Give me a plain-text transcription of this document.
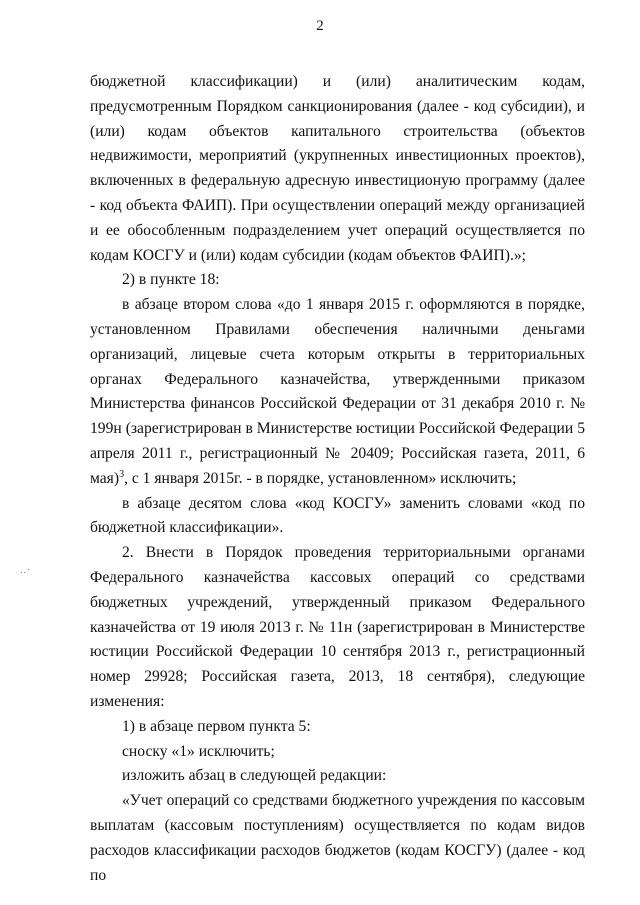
2
..·

бюджетной классификации) и (или) аналитическим кодам, предусмотренным Порядком санкционирования (далее - код субсидии), и (или) кодам объектов капитального строительства (объектов недвижимости, мероприятий (укрупненных инвестиционных проектов), включенных в федеральную адресную инвестиционую программу (далее - код объекта ФАИП). При осуществлении операций между организацией и ее обособленным подразделением учет операций осуществляется по кодам КОСГУ и (или) кодам субсидии (кодам объектов ФАИП).»;

2) в пункте 18:

в абзаце втором слова «до 1 января 2015 г. оформляются в порядке, установленном Правилами обеспечения наличными деньгами организаций, лицевые счета которым открыты в территориальных органах Федерального казначейства, утвержденными приказом Министерства финансов Российской Федерации от 31 декабря 2010 г. № 199н (зарегистрирован в Министерстве юстиции Российской Федерации 5 апреля 2011 г., регистрационный № 20409; Российская газета, 2011, 6 мая)$^3$, с 1 января 2015г. - в порядке, установленном» исключить;

в абзаце десятом слова «код КОСГУ» заменить словами «код по бюджетной классификации».

2. Внести в Порядок проведения территориальными органами Федерального казначейства кассовых операций со средствами бюджетных учреждений, утвержденный приказом Федерального казначейства от 19 июля 2013 г. № 11н (зарегистрирован в Министерстве юстиции Российской Федерации 10 сентября 2013 г., регистрационный номер 29928; Российская газета, 2013, 18 сентября), следующие изменения:

1) в абзаце первом пункта 5:

сноску «1» исключить;

изложить абзац в следующей редакции:

«Учет операций со средствами бюджетного учреждения по кассовым выплатам (кассовым поступлениям) осуществляется по кодам видов расходов классификации расходов бюджетов (кодам КОСГУ) (далее - код по
